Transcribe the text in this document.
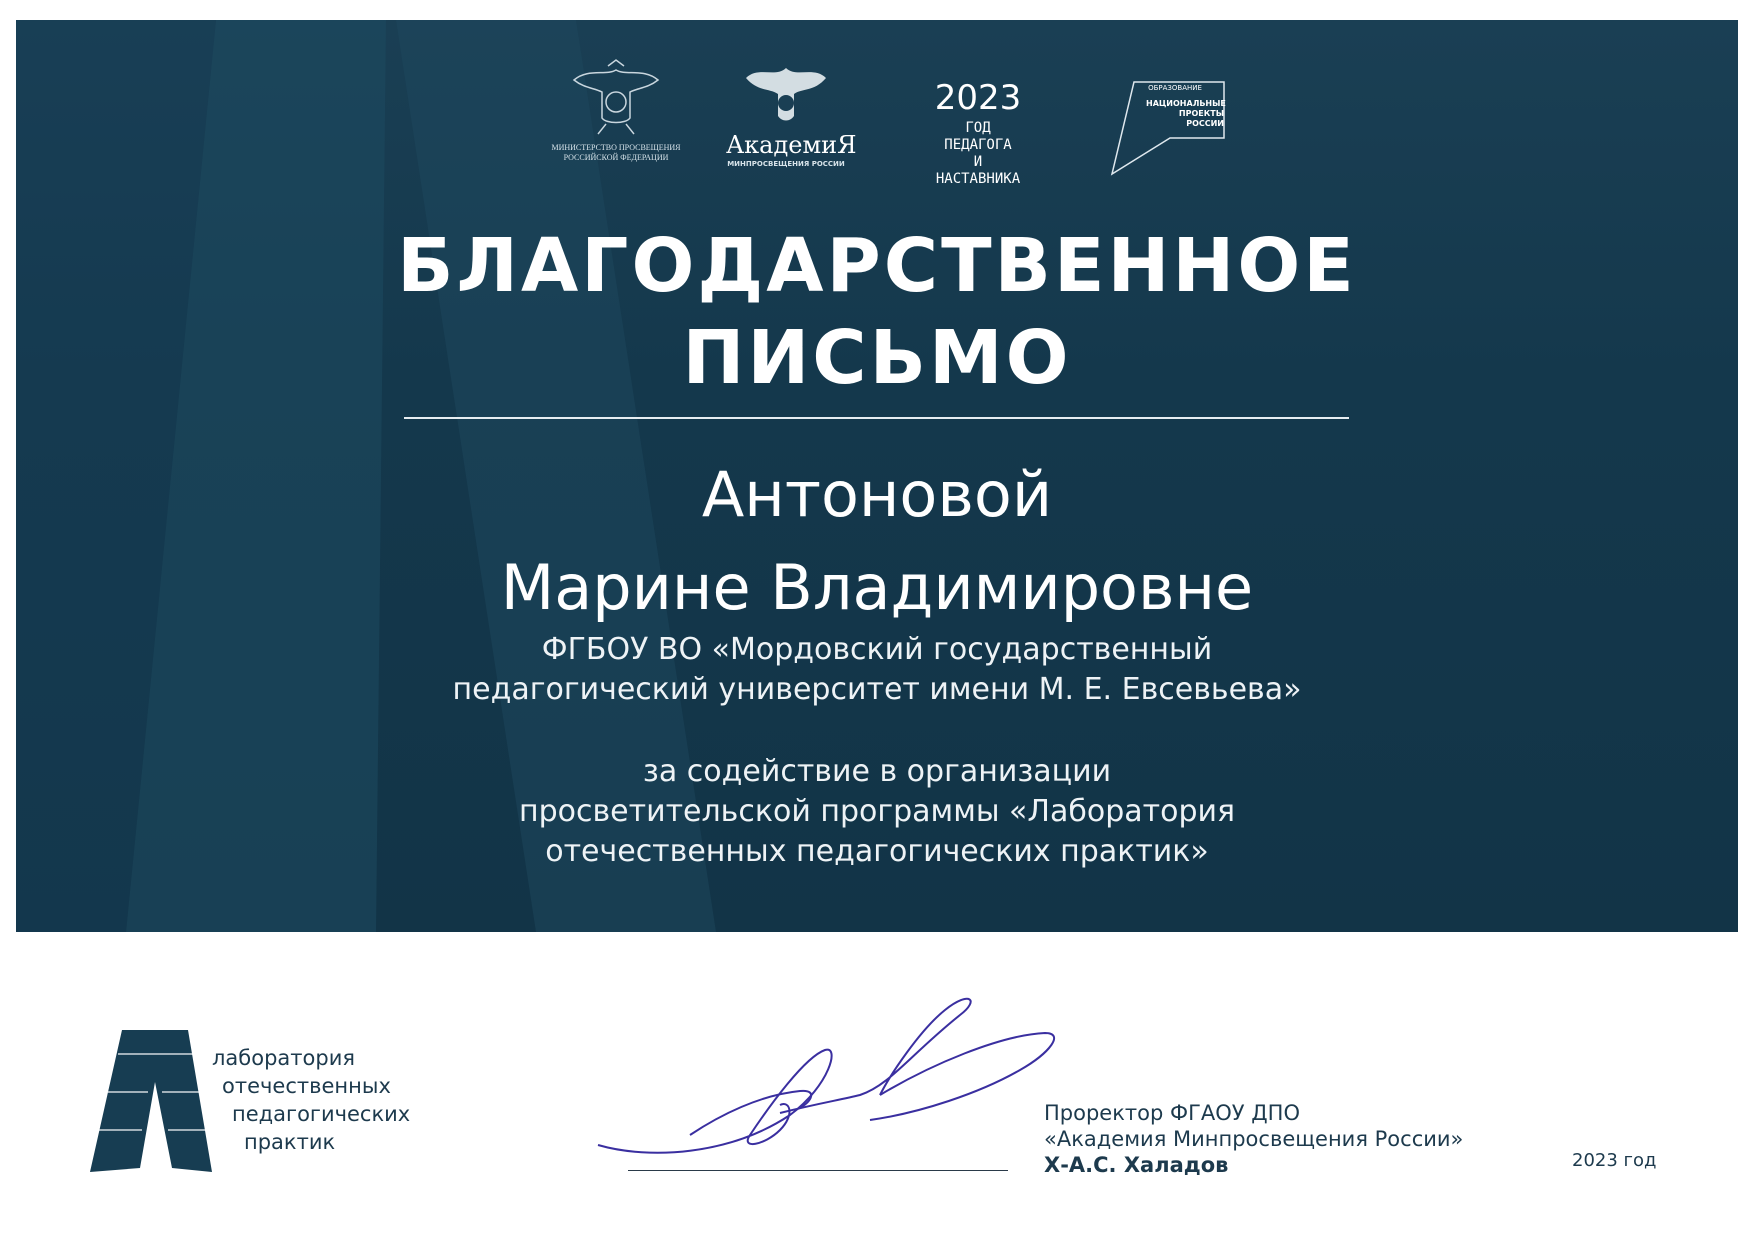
МИНИСТЕРСТВО ПРОСВЕЩЕНИЯ
РОССИЙСКОЙ ФЕДЕРАЦИИ	АкадемиЯ
МИНПРОСВЕЩЕНИЯ РОССИИ
2023
ГОД ПЕДАГОГА
И НАСТАВНИКА
ОБРАЗОВАНИЕ
НАЦИОНАЛЬНЫЕ
ПРОЕКТЫ
РОССИИ
БЛАГОДАРСТВЕННОЕ
ПИСЬМО
Антоновой
Марине Владимировне
ФГБОУ ВО «Мордовский государственный
педагогический университет имени М. Е. Евсевьева»
за содействие в организации
просветительской программы «Лаборатория
отечественных педагогических практик»
лаборатория
отечественных
педагогических
практик
Проректор ФГАОУ ДПО
«Академия Минпросвещения России»
Х-А.С. Халадов	2023 год
